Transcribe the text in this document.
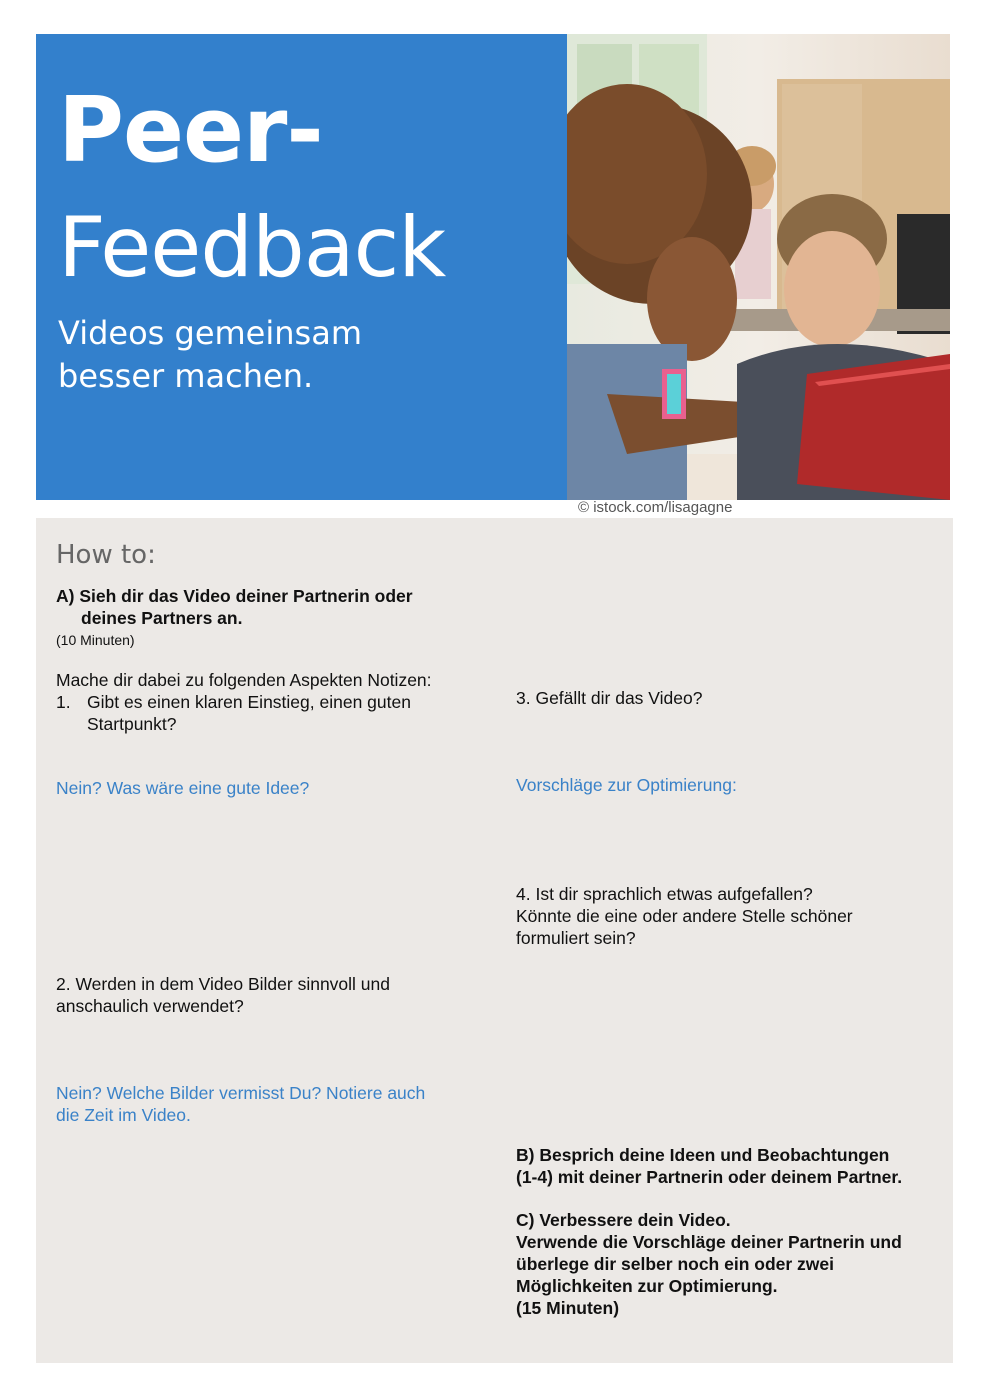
Peer-
Feedback
Videos gemeinsam
besser machen.
© istock.com/lisagagne
How to:
A) Sieh dir das Video deiner Partnerin oder
deines Partners an.
(10 Minuten)
Mache dir dabei zu folgenden Aspekten Notizen:
1. Gibt es einen klaren Einstieg, einen guten
Startpunkt?
Nein? Was wäre eine gute Idee?
2. Werden in dem Video Bilder sinnvoll und
anschaulich verwendet?
Nein? Welche Bilder vermisst Du? Notiere auch
die Zeit im Video.
3. Gefällt dir das Video?
Vorschläge zur Optimierung:
4. Ist dir sprachlich etwas aufgefallen?
Könnte die eine oder andere Stelle schöner
formuliert sein?
B) Besprich deine Ideen und Beobachtungen
(1-4) mit deiner Partnerin oder deinem Partner.
C) Verbessere dein Video.
Verwende die Vorschläge deiner Partnerin und
überlege dir selber noch ein oder zwei
Möglichkeiten zur Optimierung.
(15 Minuten)
